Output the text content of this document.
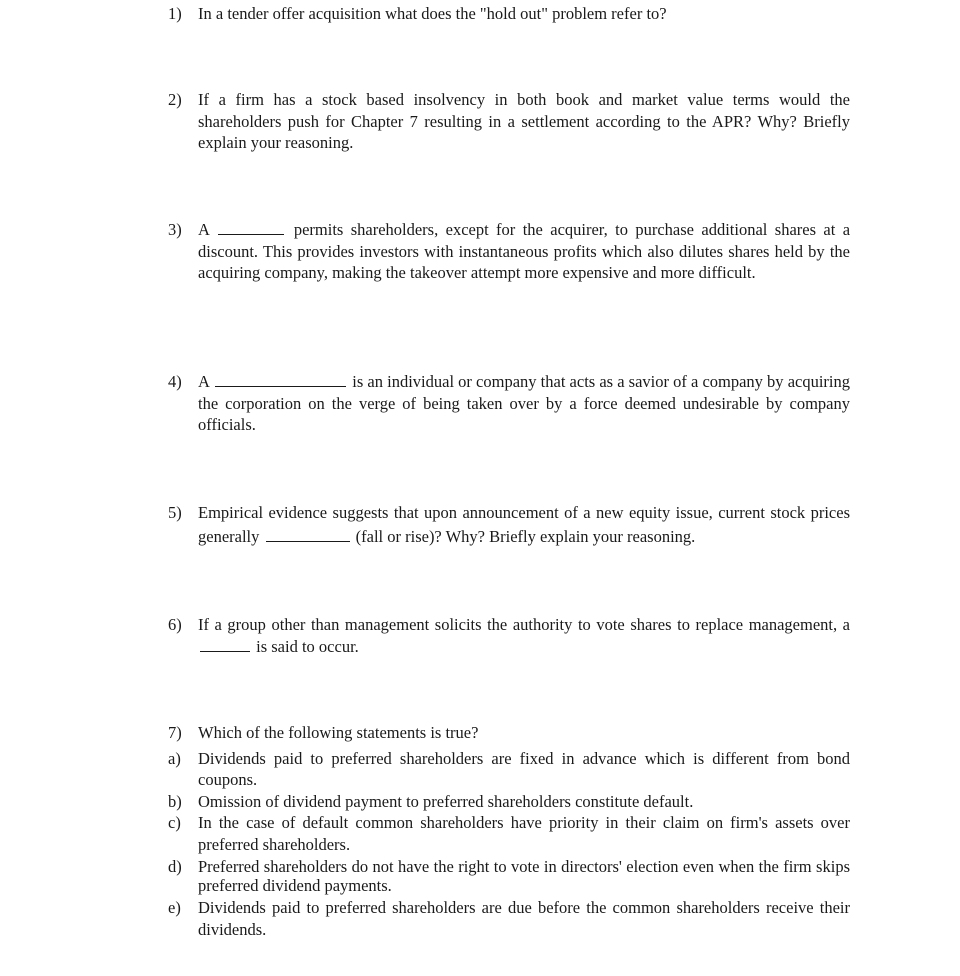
1) In a tender offer acquisition what does the "hold out" problem refer to?
2) If a firm has a stock based insolvency in both book and market value terms would the shareholders push for Chapter 7 resulting in a settlement according to the APR? Why? Briefly explain your reasoning.
3) A	permits shareholders, except for the acquirer, to purchase additional shares at a discount. This provides investors with instantaneous profits which also dilutes shares held by the acquiring company, making the takeover attempt more expensive and more difficult.
4) A	is an individual or company that acts as a savior of a company by acquiring the corporation on the verge of being taken over by a force deemed undesirable by company officials.
5) Empirical evidence suggests that upon announcement of a new equity issue, current stock prices generally	(fall or rise)? Why? Briefly explain your reasoning.
6) If a group other than management solicits the authority to vote shares to replace management, a  is said to occur.
7) Which of the following statements is true?
a)	Dividends paid to preferred shareholders are fixed in advance which is different from bond coupons.
b) Omission of dividend payment to preferred shareholders constitute default.
c)	In the case of default common shareholders have priority in their claim on firm's assets over preferred shareholders.
d) Preferred shareholders do not have the right to vote in directors' election even when the firm skips preferred dividend payments.
e)	Dividends paid to preferred shareholders are due before the common shareholders receive their dividends.
